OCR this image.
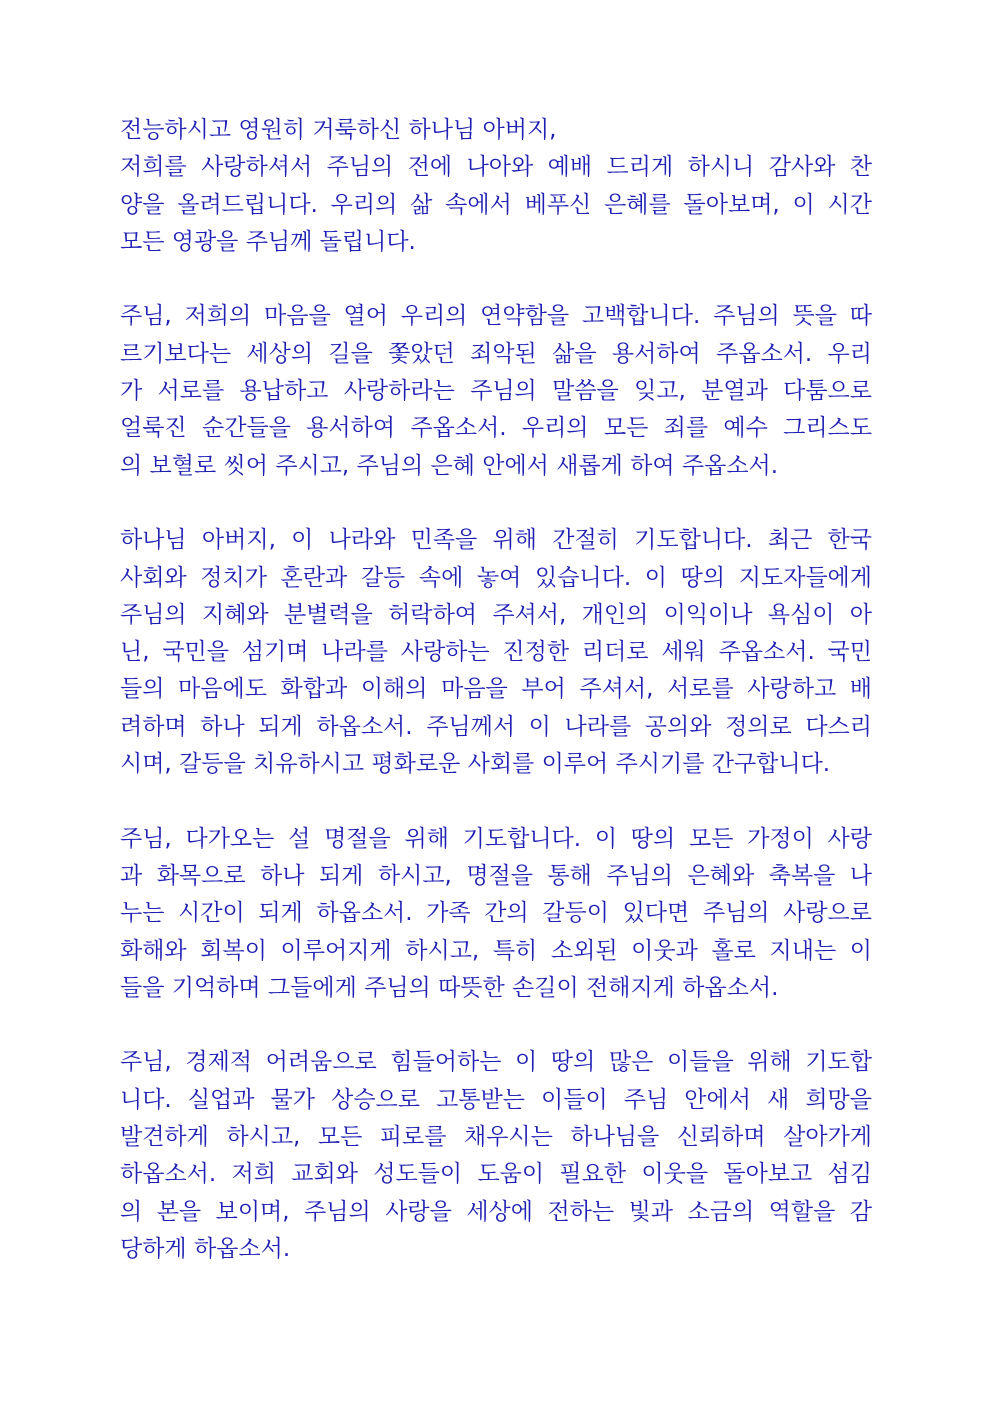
전능하시고 영원히 거룩하신 하나님 아버지,
저희를 사랑하셔서 주님의 전에 나아와 예배 드리게 하시니 감사와 찬
양을 올려드립니다. 우리의 삶 속에서 베푸신 은혜를 돌아보며, 이 시간
모든 영광을 주님께 돌립니다.
주님, 저희의 마음을 열어 우리의 연약함을 고백합니다. 주님의 뜻을 따
르기보다는 세상의 길을 쫓았던 죄악된 삶을 용서하여 주옵소서. 우리
가 서로를 용납하고 사랑하라는 주님의 말씀을 잊고, 분열과 다툼으로
얼룩진 순간들을 용서하여 주옵소서. 우리의 모든 죄를 예수 그리스도
의 보혈로 씻어 주시고, 주님의 은혜 안에서 새롭게 하여 주옵소서.
하나님 아버지, 이 나라와 민족을 위해 간절히 기도합니다. 최근 한국
사회와 정치가 혼란과 갈등 속에 놓여 있습니다. 이 땅의 지도자들에게
주님의 지혜와 분별력을 허락하여 주셔서, 개인의 이익이나 욕심이 아
닌, 국민을 섬기며 나라를 사랑하는 진정한 리더로 세워 주옵소서. 국민
들의 마음에도 화합과 이해의 마음을 부어 주셔서, 서로를 사랑하고 배
려하며 하나 되게 하옵소서. 주님께서 이 나라를 공의와 정의로 다스리
시며, 갈등을 치유하시고 평화로운 사회를 이루어 주시기를 간구합니다.
주님, 다가오는 설 명절을 위해 기도합니다. 이 땅의 모든 가정이 사랑
과 화목으로 하나 되게 하시고, 명절을 통해 주님의 은혜와 축복을 나
누는 시간이 되게 하옵소서. 가족 간의 갈등이 있다면 주님의 사랑으로
화해와 회복이 이루어지게 하시고, 특히 소외된 이웃과 홀로 지내는 이
들을 기억하며 그들에게 주님의 따뜻한 손길이 전해지게 하옵소서.
주님, 경제적 어려움으로 힘들어하는 이 땅의 많은 이들을 위해 기도합
니다. 실업과 물가 상승으로 고통받는 이들이 주님 안에서 새 희망을
발견하게 하시고, 모든 피로를 채우시는 하나님을 신뢰하며 살아가게
하옵소서. 저희 교회와 성도들이 도움이 필요한 이웃을 돌아보고 섬김
의 본을 보이며, 주님의 사랑을 세상에 전하는 빛과 소금의 역할을 감
당하게 하옵소서.
